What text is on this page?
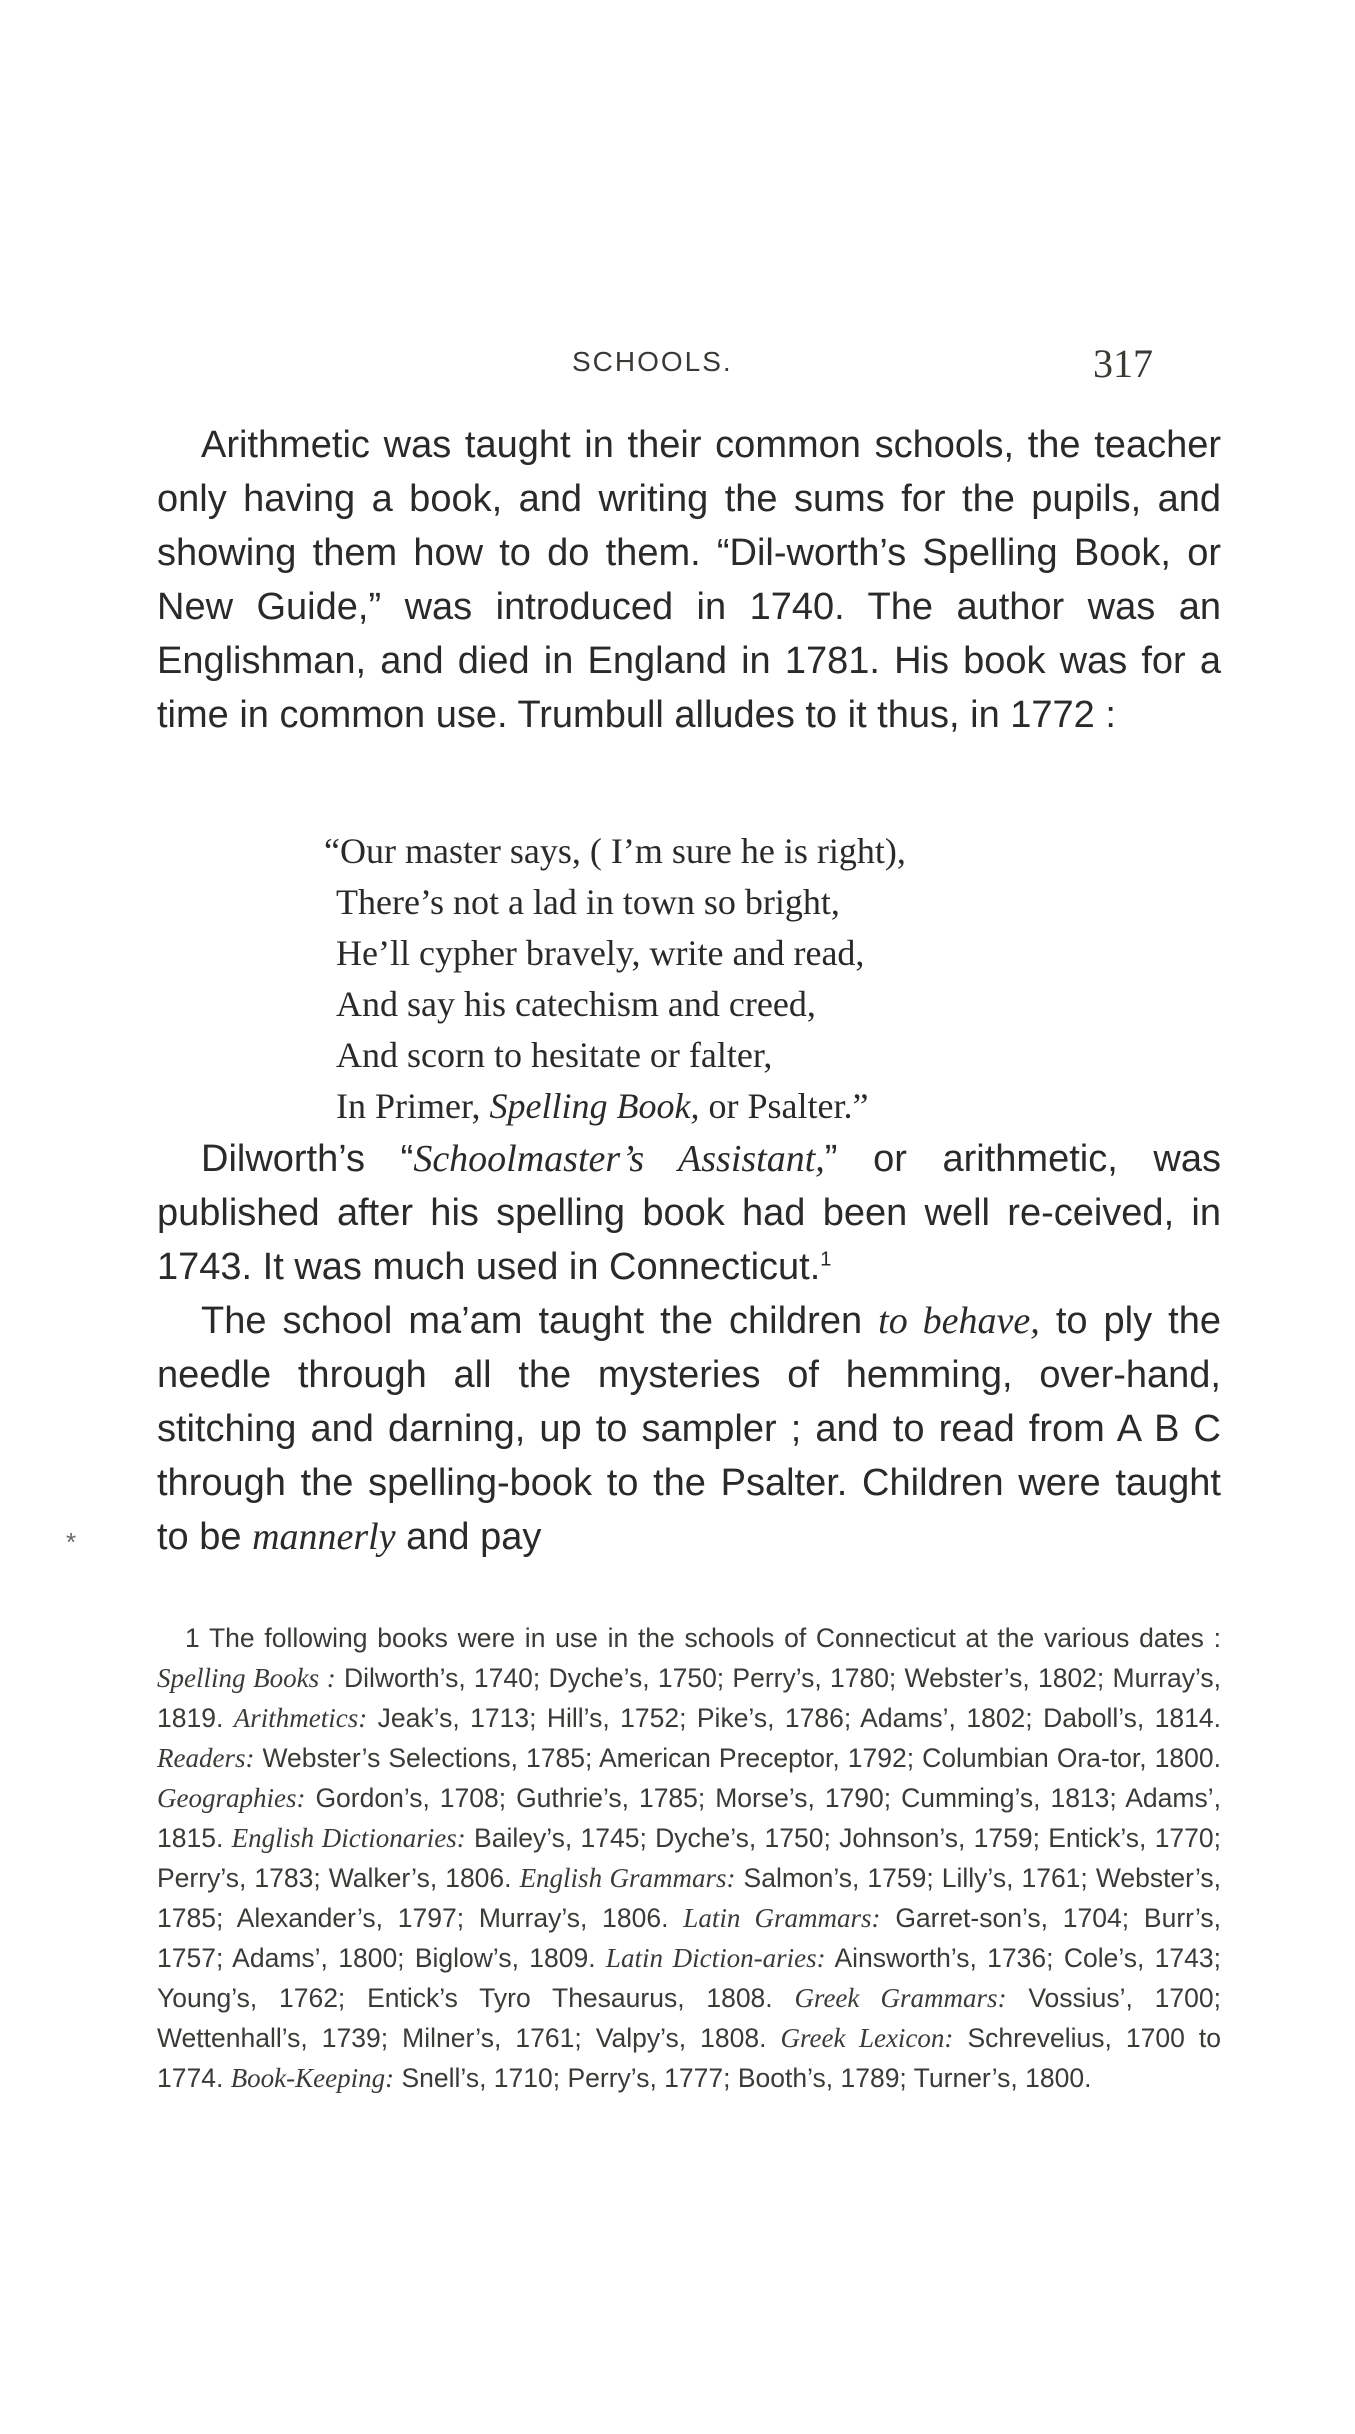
SCHOOLS.	317

Arithmetic was taught in their common schools, the teacher only having a book, and writing the sums for the pupils, and showing them how to do them. “Dil-worth’s Spelling Book, or New Guide,” was introduced in 1740. The author was an Englishman, and died in England in 1781. His book was for a time in common use. Trumbull alludes to it thus, in 1772 :

“Our master says, ( I’m sure he is right),
There’s not a lad in town so bright,
He’ll cypher bravely, write and read,
And say his catechism and creed,
And scorn to hesitate or falter,
In Primer, Spelling Book, or Psalter.”

Dilworth’s “Schoolmaster’s Assistant,” or arithmetic, was published after his spelling book had been well re-ceived, in 1743. It was much used in Connecticut.$^1$

The school ma’am taught the children to behave, to ply the needle through all the mysteries of hemming, over-hand, stitching and darning, up to sampler ; and to read from A B C through the spelling-book to the Psalter. Children were taught to be mannerly and pay

*
1 The following books were in use in the schools of Connecticut at the various dates : Spelling Books : Dilworth’s, 1740; Dyche’s, 1750; Perry’s, 1780; Webster’s, 1802; Murray’s, 1819. Arithmetics: Jeak’s, 1713; Hill’s, 1752; Pike’s, 1786; Adams’, 1802; Daboll’s, 1814. Readers: Webster’s Selections, 1785; American Preceptor, 1792; Columbian Ora-tor, 1800. Geographies: Gordon’s, 1708; Guthrie’s, 1785; Morse’s, 1790; Cumming’s, 1813; Adams’, 1815. English Dictionaries: Bailey’s, 1745; Dyche’s, 1750; Johnson’s, 1759; Entick’s, 1770; Perry’s, 1783; Walker’s, 1806. English Grammars: Salmon’s, 1759; Lilly’s, 1761; Webster’s, 1785; Alexander’s, 1797; Murray’s, 1806. Latin Grammars: Garret-son’s, 1704; Burr’s, 1757; Adams’, 1800; Biglow’s, 1809. Latin Diction-aries: Ainsworth’s, 1736; Cole’s, 1743; Young’s, 1762; Entick’s Tyro Thesaurus, 1808. Greek Grammars: Vossius’, 1700; Wettenhall’s, 1739; Milner’s, 1761; Valpy’s, 1808. Greek Lexicon: Schrevelius, 1700 to 1774. Book-Keeping: Snell’s, 1710; Perry’s, 1777; Booth’s, 1789; Turner’s, 1800.
